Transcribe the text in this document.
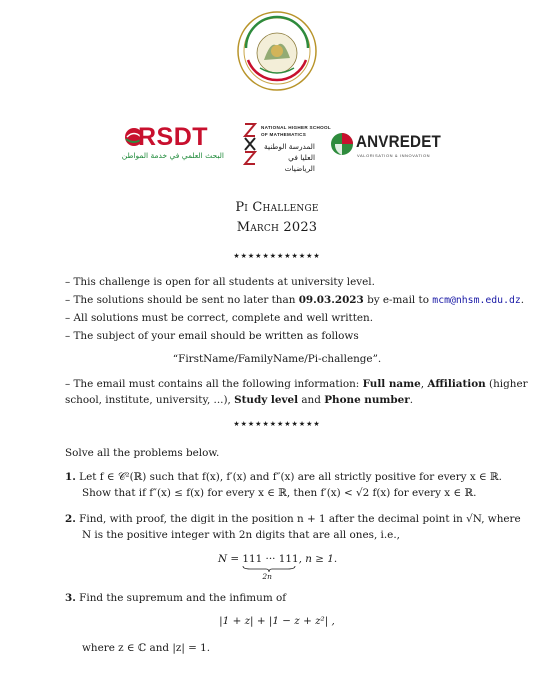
RSDT
البحث العلمي في خدمة المواطن
NATIONAL HIGHER SCHOOL
OF MATHEMATICS
المدرسة الوطنية
العليا في الرياضيات
ANVREDET
VALORISATION & INNOVATION
Pi Challenge
March 2023
★★★★★★★★★★★★
– This challenge is open for all students at university level.
– The solutions should be sent no later than 09.03.2023 by e-mail to mcm@nhsm.edu.dz.
– All solutions must be correct, complete and well written.
– The subject of your email should be written as follows
“FirstName/FamilyName/Pi-challenge”.
– The email must contains all the following information: Full name, Affiliation (higher
school, institute, university, ...), Study level and Phone number.
★★★★★★★★★★★★
Solve all the problems below.
1. Let f ∈ 𝒞²(ℝ) such that f(x), f′(x) and f″(x) are all strictly positive for every x ∈ ℝ.
Show that if f″(x) ≤ f(x) for every x ∈ ℝ, then f′(x) < √2 f(x) for every x ∈ ℝ.
2. Find, with proof, the digit in the position n + 1 after the decimal point in √N, where
N is the positive integer with 2n digits that are all ones, i.e.,
N = 111 ··· 111
2n
, n ≥ 1.
3. Find the supremum and the infimum of
|1 + z| + |1 − z + z²| ,
where z ∈ ℂ and |z| = 1.
